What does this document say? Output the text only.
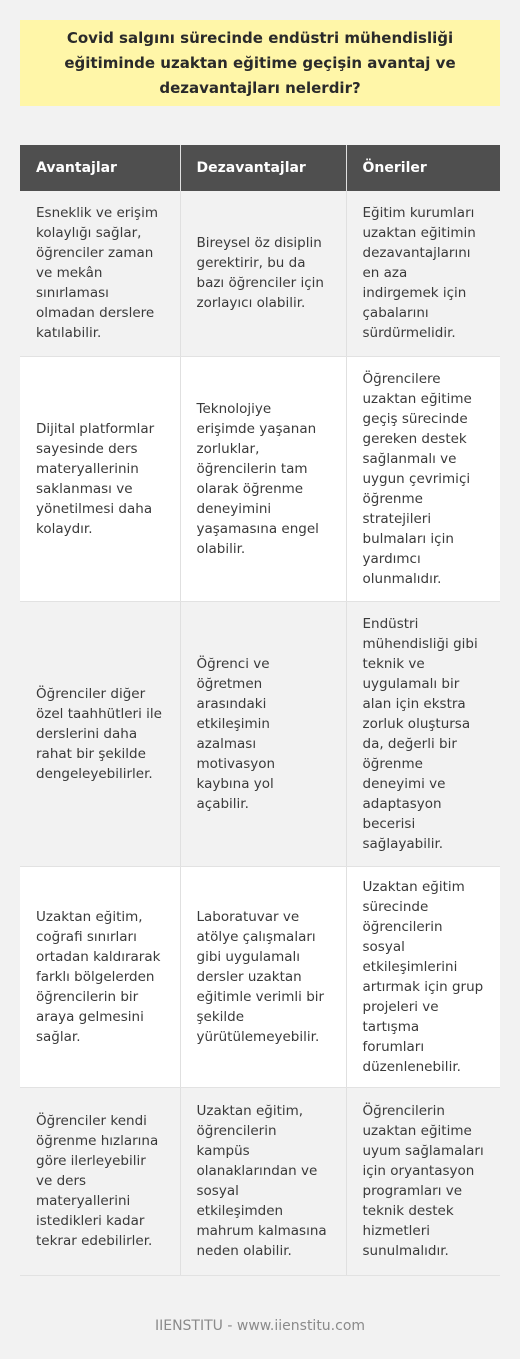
Covid salgını sürecinde endüstri mühendisliği eğitiminde uzaktan eğitime geçişin avantaj ve dezavantajları nelerdir?
Avantajlar	Dezavantajlar	Öneriler
Esneklik ve erişim kolaylığı sağlar, öğrenciler zaman ve mekân sınırlaması olmadan derslere katılabilir.	Bireysel öz disiplin gerektirir, bu da bazı öğrenciler için zorlayıcı olabilir.	Eğitim kurumları uzaktan eğitimin dezavantajlarını en aza indirgemek için çabalarını sürdürmelidir.
Dijital platformlar sayesinde ders materyallerinin saklanması ve yönetilmesi daha kolaydır.	Teknolojiye erişimde yaşanan zorluklar, öğrencilerin tam olarak öğrenme deneyimini yaşamasına engel olabilir.	Öğrencilere uzaktan eğitime geçiş sürecinde gereken destek sağlanmalı ve uygun çevrimiçi öğrenme stratejileri bulmaları için yardımcı olunmalıdır.
Öğrenciler diğer özel taahhütleri ile derslerini daha rahat bir şekilde dengeleyebilirler.	Öğrenci ve öğretmen arasındaki etkileşimin azalması motivasyon kaybına yol açabilir.	Endüstri mühendisliği gibi teknik ve uygulamalı bir alan için ekstra zorluk oluştursa da, değerli bir öğrenme deneyimi ve adaptasyon becerisi sağlayabilir.
Uzaktan eğitim, coğrafi sınırları ortadan kaldırarak farklı bölgelerden öğrencilerin bir araya gelmesini sağlar.	Laboratuvar ve atölye çalışmaları gibi uygulamalı dersler uzaktan eğitimle verimli bir şekilde yürütülemeyebilir.	Uzaktan eğitim sürecinde öğrencilerin sosyal etkileşimlerini artırmak için grup projeleri ve tartışma forumları düzenlenebilir.
Öğrenciler kendi öğrenme hızlarına göre ilerleyebilir ve ders materyallerini istedikleri kadar tekrar edebilirler.	Uzaktan eğitim, öğrencilerin kampüs olanaklarından ve sosyal etkileşimden mahrum kalmasına neden olabilir.	Öğrencilerin uzaktan eğitime uyum sağlamaları için oryantasyon programları ve teknik destek hizmetleri sunulmalıdır.
IIENSTITU - www.iienstitu.com
